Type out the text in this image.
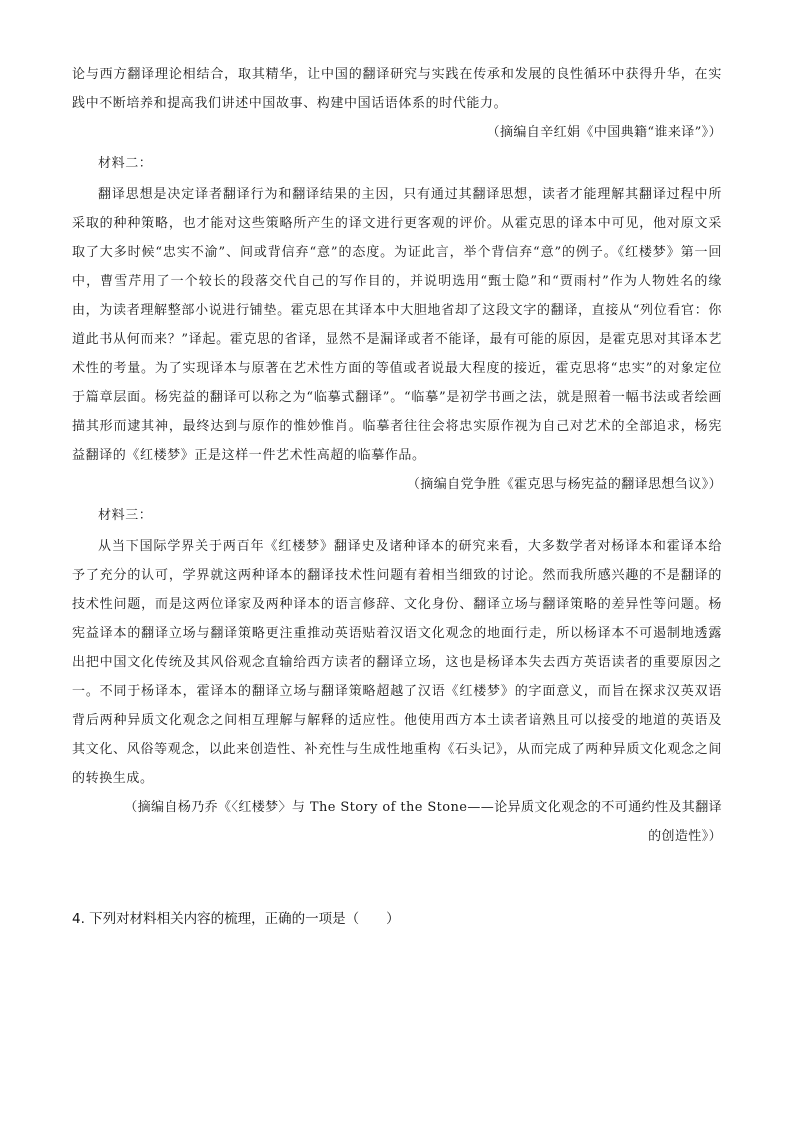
论与西方翻译理论相结合，取其精华，让中国的翻译研究与实践在传承和发展的良性循环中获得升华，在实践中不断培养和提高我们讲述中国故事、构建中国话语体系的时代能力。

（摘编自辛红娟《中国典籍“谁来译”》）

材料二：

翻译思想是决定译者翻译行为和翻译结果的主因，只有通过其翻译思想，读者才能理解其翻译过程中所采取的种种策略，也才能对这些策略所产生的译文进行更客观的评价。从霍克思的译本中可见，他对原文采取了大多时候“忠实不渝”、间或背信弃“意”的态度。为证此言，举个背信弃“意”的例子。《红楼梦》第一回中，曹雪芹用了一个较长的段落交代自己的写作目的，并说明选用“甄士隐”和“贾雨村”作为人物姓名的缘由，为读者理解整部小说进行铺垫。霍克思在其译本中大胆地省却了这段文字的翻译，直接从“列位看官：你道此书从何而来？”译起。霍克思的省译，显然不是漏译或者不能译，最有可能的原因，是霍克思对其译本艺术性的考量。为了实现译本与原著在艺术性方面的等值或者说最大程度的接近，霍克思将“忠实”的对象定位于篇章层面。杨宪益的翻译可以称之为“临摹式翻译”。“临摹”是初学书画之法，就是照着一幅书法或者绘画描其形而逮其神，最终达到与原作的惟妙惟肖。临摹者往往会将忠实原作视为自己对艺术的全部追求，杨宪益翻译的《红楼梦》正是这样一件艺术性高超的临摹作品。

（摘编自党争胜《霍克思与杨宪益的翻译思想刍议》）

材料三：

从当下国际学界关于两百年《红楼梦》翻译史及诸种译本的研究来看，大多数学者对杨译本和霍译本给予了充分的认可，学界就这两种译本的翻译技术性问题有着相当细致的讨论。然而我所感兴趣的不是翻译的技术性问题，而是这两位译家及两种译本的语言修辞、文化身份、翻译立场与翻译策略的差异性等问题。杨宪益译本的翻译立场与翻译策略更注重推动英语贴着汉语文化观念的地面行走，所以杨译本不可遏制地透露出把中国文化传统及其风俗观念直输给西方读者的翻译立场，这也是杨译本失去西方英语读者的重要原因之一。不同于杨译本，霍译本的翻译立场与翻译策略超越了汉语《红楼梦》的字面意义，而旨在探求汉英双语背后两种异质文化观念之间相互理解与解释的适应性。他使用西方本土读者谙熟且可以接受的地道的英语及其文化、风俗等观念，以此来创造性、补充性与生成性地重构《石头记》，从而完成了两种异质文化观念之间的转换生成。

（摘编自杨乃乔《〈红楼梦〉与 The Story of the Stone——论异质文化观念的不可通约性及其翻译的创造性》）

4. 下列对材料相关内容的梳理，正确的一项是（　　）
